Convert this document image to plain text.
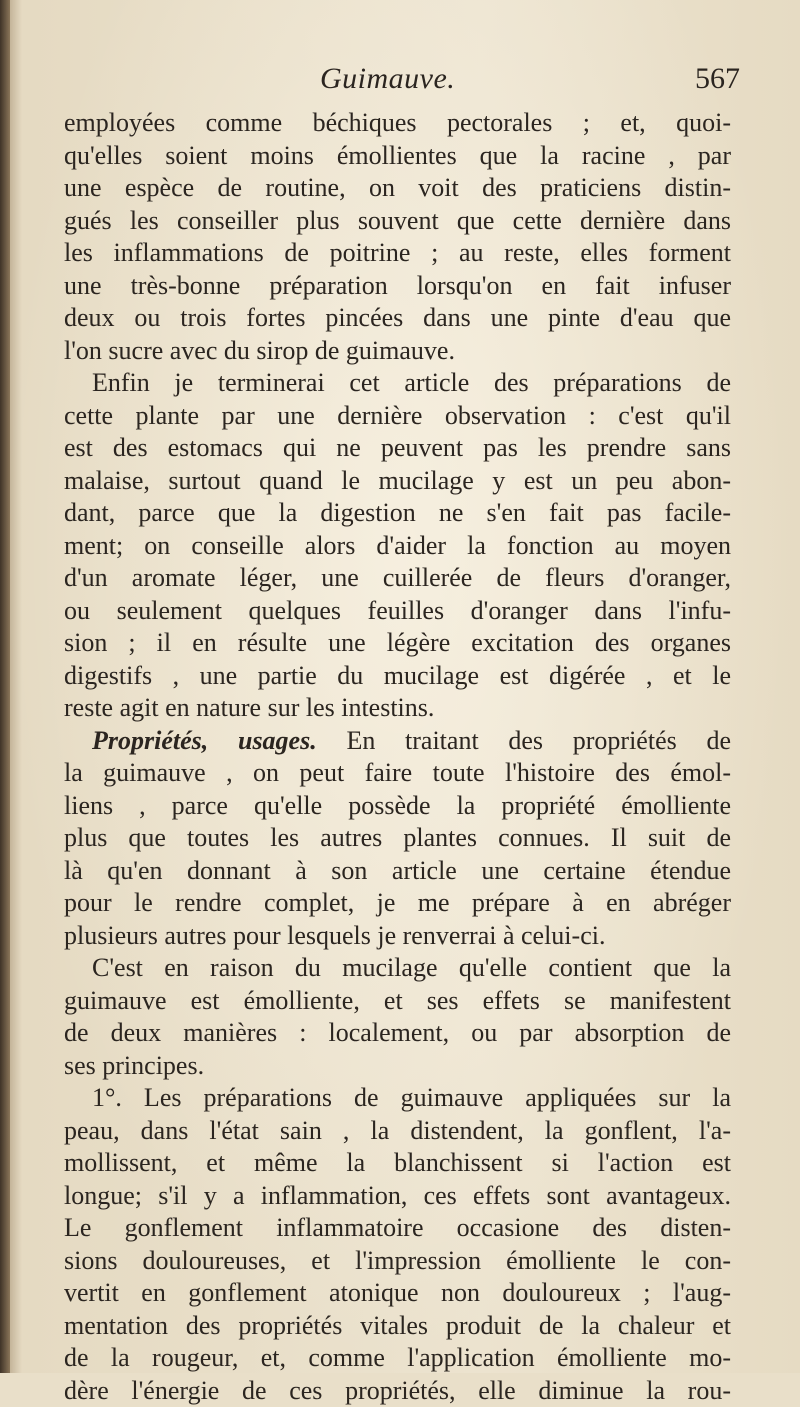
Guimauve.	567
employées comme béchiques pectorales ; et, quoi-
qu'elles soient moins émollientes que la racine , par
une espèce de routine, on voit des praticiens distin-
gués les conseiller plus souvent que cette dernière dans
les inflammations de poitrine ; au reste, elles forment
une très-bonne préparation lorsqu'on en fait infuser
deux ou trois fortes pincées dans une pinte d'eau que
l'on sucre avec du sirop de guimauve.
Enfin je terminerai cet article des préparations de
cette plante par une dernière observation : c'est qu'il
est des estomacs qui ne peuvent pas les prendre sans
malaise, surtout quand le mucilage y est un peu abon-
dant, parce que la digestion ne s'en fait pas facile-
ment; on conseille alors d'aider la fonction au moyen
d'un aromate léger, une cuillerée de fleurs d'oranger,
ou seulement quelques feuilles d'oranger dans l'infu-
sion ; il en résulte une légère excitation des organes
digestifs , une partie du mucilage est digérée , et le
reste agit en nature sur les intestins.
Propriétés, usages. En traitant des propriétés de
la guimauve , on peut faire toute l'histoire des émol-
liens , parce qu'elle possède la propriété émolliente
plus que toutes les autres plantes connues. Il suit de
là qu'en donnant à son article une certaine étendue
pour le rendre complet, je me prépare à en abréger
plusieurs autres pour lesquels je renverrai à celui-ci.
C'est en raison du mucilage qu'elle contient que la
guimauve est émolliente, et ses effets se manifestent
de deux manières : localement, ou par absorption de
ses principes.
1°. Les préparations de guimauve appliquées sur la
peau, dans l'état sain , la distendent, la gonflent, l'a-
mollissent, et même la blanchissent si l'action est
longue; s'il y a inflammation, ces effets sont avantageux.
Le gonflement inflammatoire occasione des disten-
sions douloureuses, et l'impression émolliente le con-
vertit en gonflement atonique non douloureux ; l'aug-
mentation des propriétés vitales produit de la chaleur et
de la rougeur, et, comme l'application émolliente mo-
dère l'énergie de ces propriétés, elle diminue la rou-
